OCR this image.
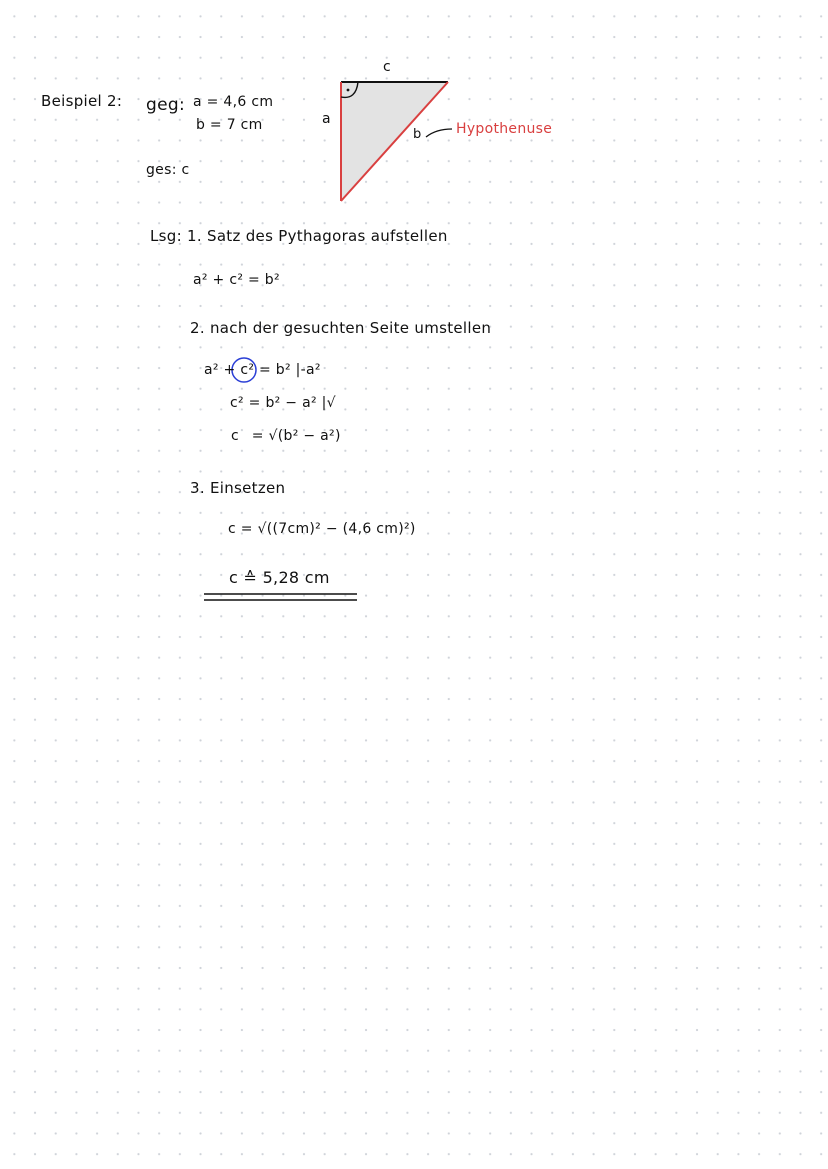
Beispiel 2: geg: a = 4,6 cm
b = 7 cm
ges: c
c
a
b Hypothenuse
Lsg: 1. Satz des Pythagoras aufstellen
a² + c² = b²
2. nach der gesuchten Seite umstellen
a² + c² = b² |-a²
c² = b² − a² |√
c = √(b² − a²)
3. Einsetzen
c = √((7cm)² − (4,6 cm)²)
c ≙ 5,28 cm
